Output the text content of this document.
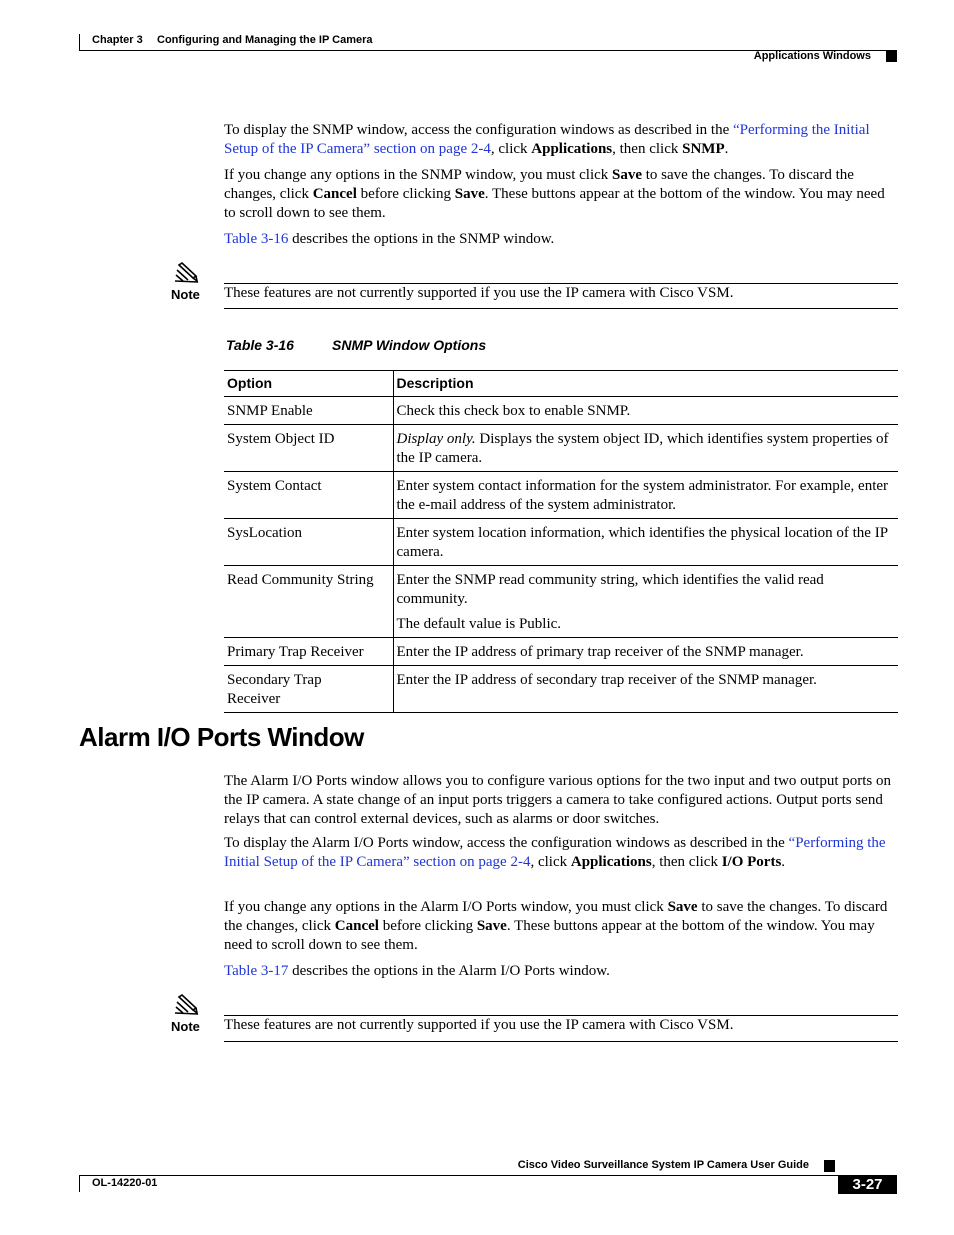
Chapter 3 Configuring and Managing the IP Camera
Applications Windows

To display the SNMP window, access the configuration windows as described in the “Performing the Initial Setup of the IP Camera” section on page 2-4, click Applications, then click SNMP.

If you change any options in the SNMP window, you must click Save to save the changes. To discard the changes, click Cancel before clicking Save. These buttons appear at the bottom of the window. You may need to scroll down to see them.

Table 3-16 describes the options in the SNMP window.

Note These features are not currently supported if you use the IP camera with Cisco VSM.
Table 3-16	SNMP Window Options
Option	Description
SNMP Enable	Check this check box to enable SNMP.
System Object ID	Display only. Displays the system object ID, which identifies system properties of the IP camera.
System Contact	Enter system contact information for the system administrator. For example, enter the e-mail address of the system administrator.
SysLocation	Enter system location information, which identifies the physical location of the IP camera.
Read Community String	Enter the SNMP read community string, which identifies the valid read community.
The default value is Public.

Primary Trap Receiver	Enter the IP address of primary trap receiver of the SNMP manager.
Secondary Trap Receiver	Enter the IP address of secondary trap receiver of the SNMP manager.
Alarm I/O Ports Window

The Alarm I/O Ports window allows you to configure various options for the two input and two output ports on the IP camera. A state change of an input ports triggers a camera to take configured actions. Output ports send relays that can control external devices, such as alarms or door switches.

To display the Alarm I/O Ports window, access the configuration windows as described in the “Performing the Initial Setup of the IP Camera” section on page 2-4, click Applications, then click I/O Ports.

If you change any options in the Alarm I/O Ports window, you must click Save to save the changes. To discard the changes, click Cancel before clicking Save. These buttons appear at the bottom of the window. You may need to scroll down to see them.

Table 3-17 describes the options in the Alarm I/O Ports window.

Note These features are not currently supported if you use the IP camera with Cisco VSM.
Cisco Video Surveillance System IP Camera User Guide
OL-14220-01	3-27
